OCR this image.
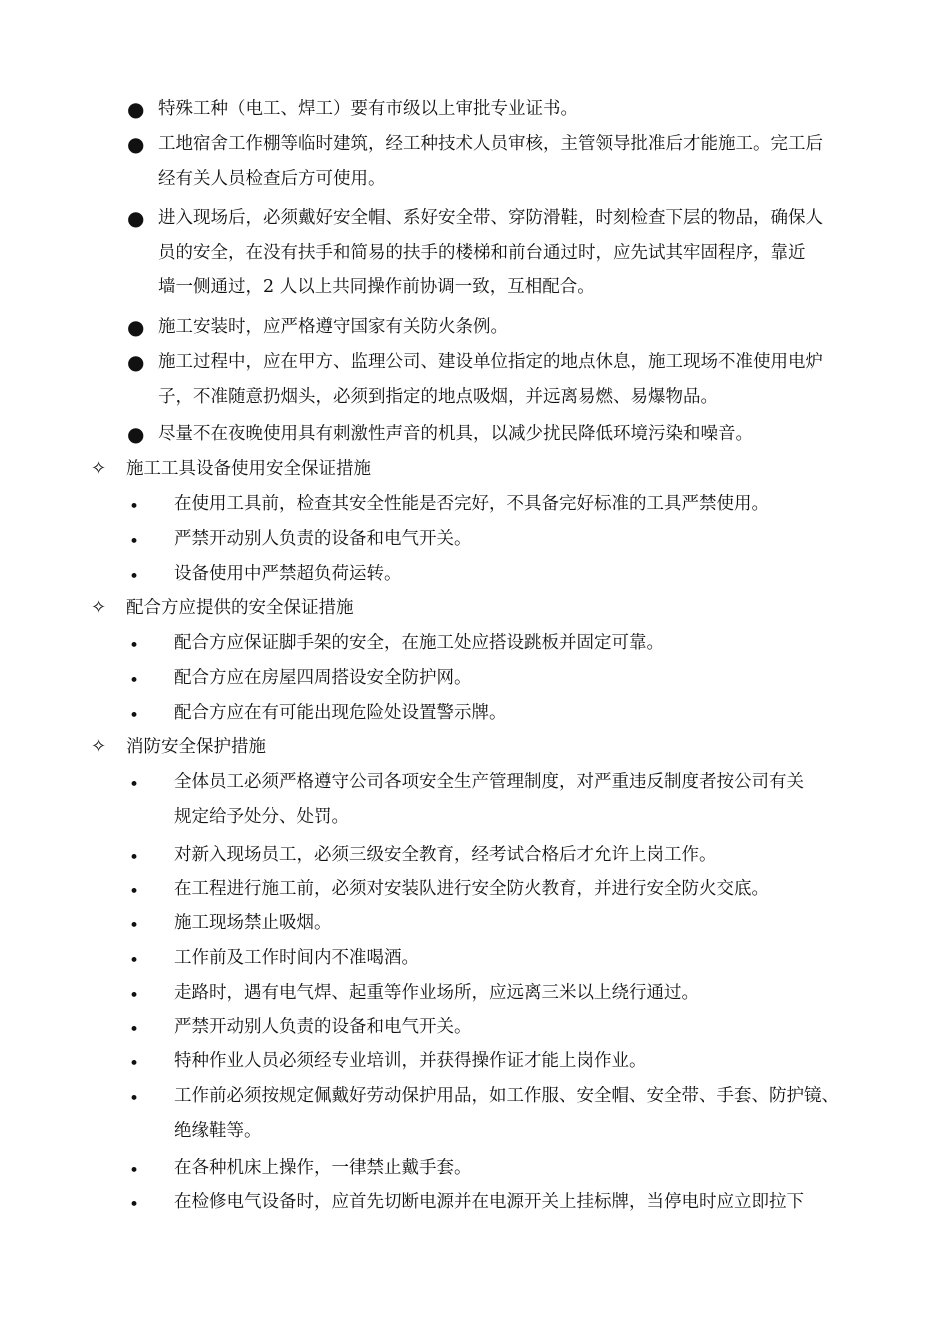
● 特殊工种（电工、焊工）要有市级以上审批专业证书。
● 工地宿舍工作棚等临时建筑，经工种技术人员审核，主管领导批准后才能施工。完工后
经有关人员检查后方可使用。
● 进入现场后，必须戴好安全帽、系好安全带、穿防滑鞋，时刻检查下层的物品，确保人
员的安全，在没有扶手和简易的扶手的楼梯和前台通过时，应先试其牢固程序，靠近
墙一侧通过，2 人以上共同操作前协调一致，互相配合。
● 施工安装时，应严格遵守国家有关防火条例。
● 施工过程中，应在甲方、监理公司、建设单位指定的地点休息，施工现场不准使用电炉
子，不准随意扔烟头，必须到指定的地点吸烟，并远离易燃、易爆物品。
● 尽量不在夜晚使用具有刺激性声音的机具，以减少扰民降低环境污染和噪音。
✧ 施工工具设备使用安全保证措施
• 在使用工具前，检查其安全性能是否完好，不具备完好标准的工具严禁使用。
• 严禁开动别人负责的设备和电气开关。
• 设备使用中严禁超负荷运转。
✧ 配合方应提供的安全保证措施
• 配合方应保证脚手架的安全，在施工处应搭设跳板并固定可靠。
• 配合方应在房屋四周搭设安全防护网。
• 配合方应在有可能出现危险处设置警示牌。
✧ 消防安全保护措施
• 全体员工必须严格遵守公司各项安全生产管理制度，对严重违反制度者按公司有关
规定给予处分、处罚。
• 对新入现场员工，必须三级安全教育，经考试合格后才允许上岗工作。
• 在工程进行施工前，必须对安装队进行安全防火教育，并进行安全防火交底。
• 施工现场禁止吸烟。
• 工作前及工作时间内不准喝酒。
• 走路时，遇有电气焊、起重等作业场所，应远离三米以上绕行通过。
• 严禁开动别人负责的设备和电气开关。
• 特种作业人员必须经专业培训，并获得操作证才能上岗作业。
• 工作前必须按规定佩戴好劳动保护用品，如工作服、安全帽、安全带、手套、防护镜、
绝缘鞋等。
• 在各种机床上操作，一律禁止戴手套。
• 在检修电气设备时，应首先切断电源并在电源开关上挂标牌，当停电时应立即拉下
